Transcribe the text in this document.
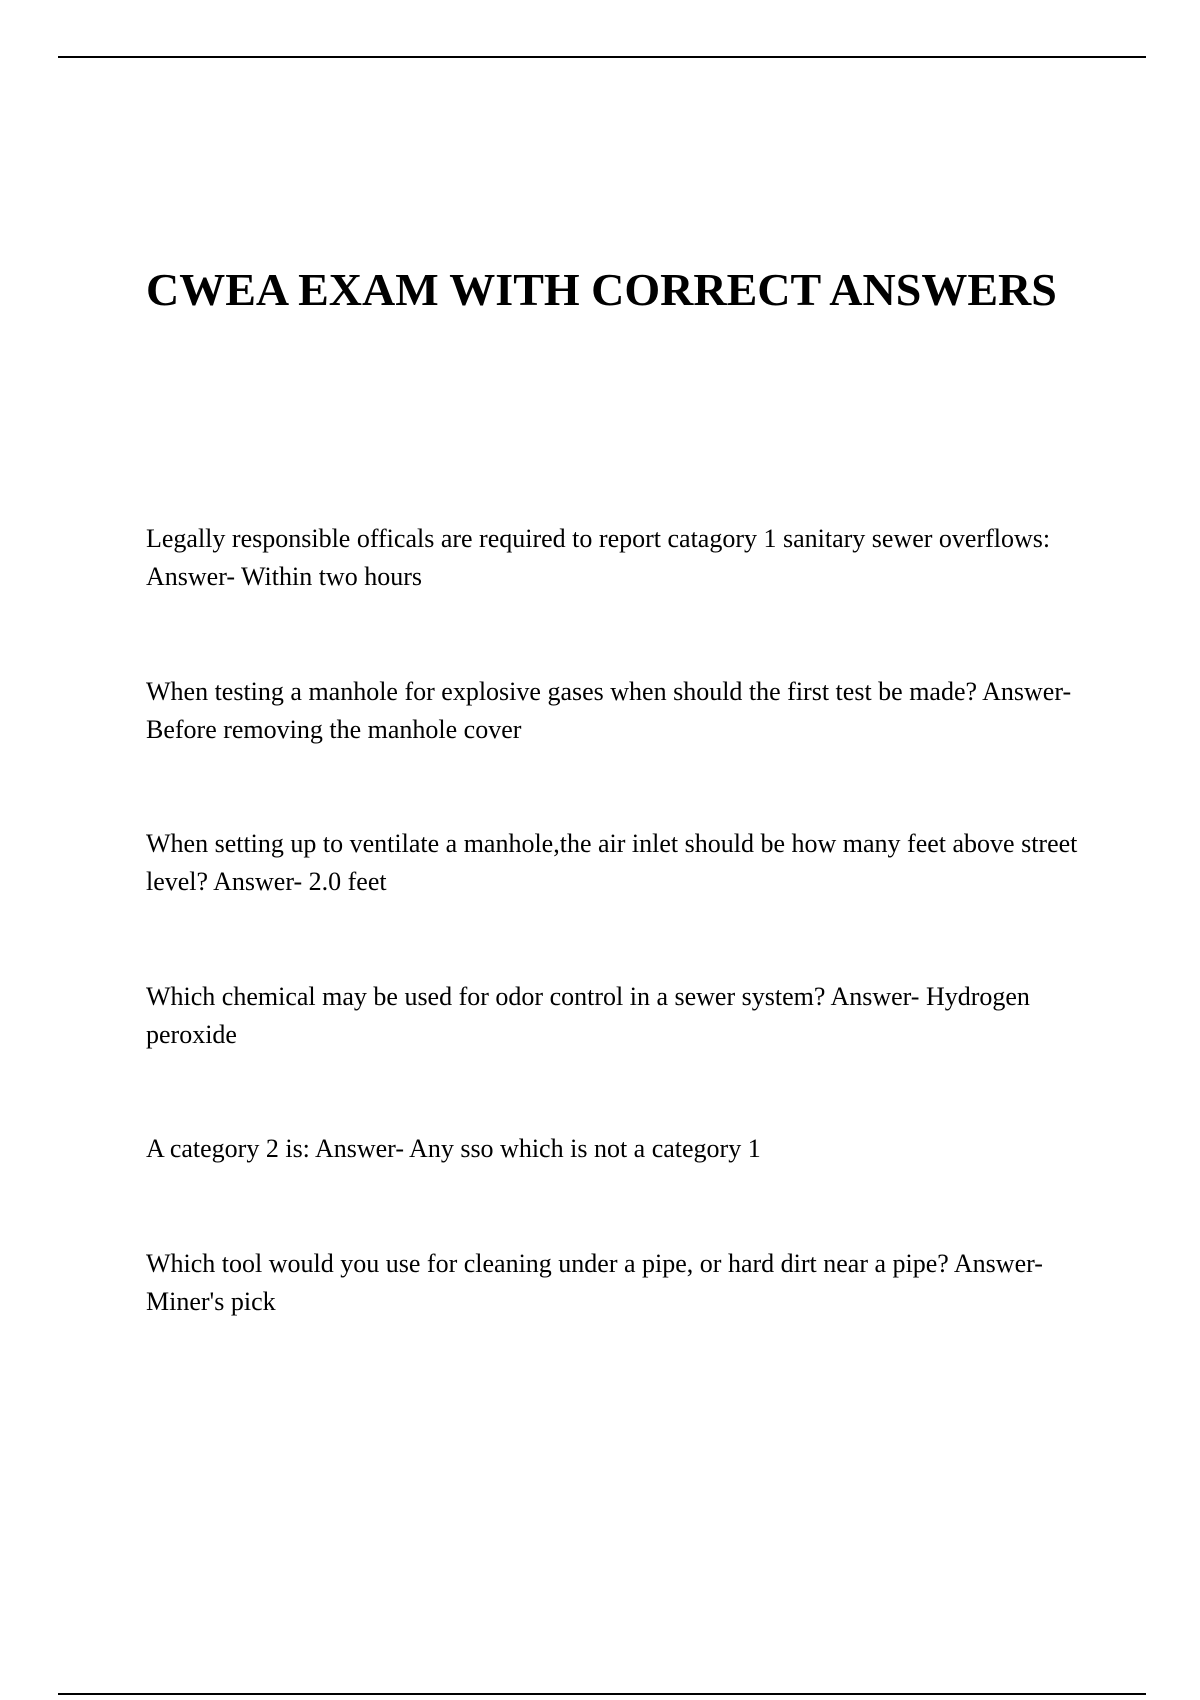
CWEA EXAM WITH CORRECT ANSWERS
Legally responsible officals are required to report catagory 1 sanitary sewer overflows: Answer- Within two hours
When testing a manhole for explosive gases when should the first test be made? Answer- Before removing the manhole cover
When setting up to ventilate a manhole,the air inlet should be how many feet above street level? Answer- 2.0 feet
Which chemical may be used for odor control in a sewer system? Answer- Hydrogen peroxide
A category 2 is: Answer- Any sso which is not a category 1
Which tool would you use for cleaning under a pipe, or hard dirt near a pipe? Answer- Miner's pick
